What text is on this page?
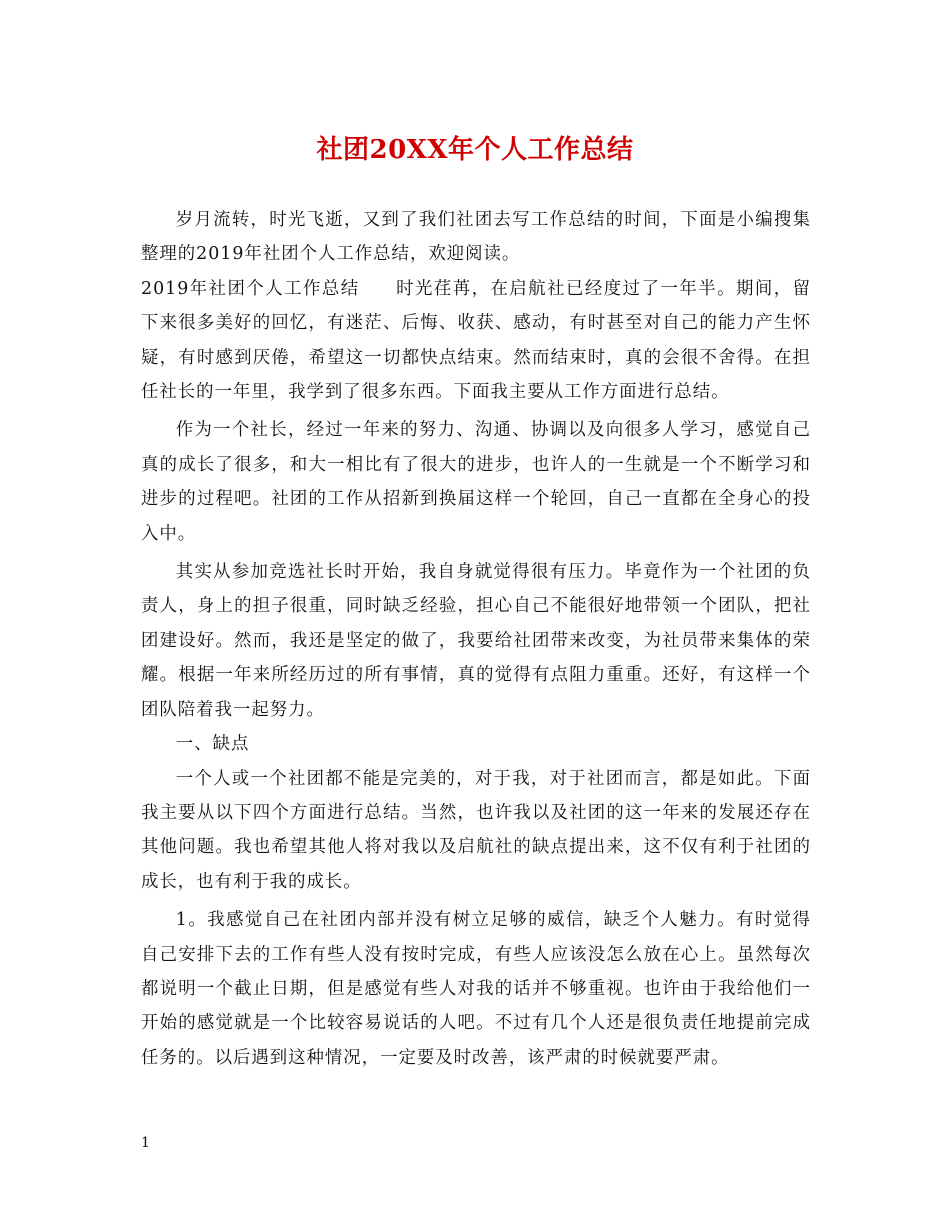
社团20XX年个人工作总结

岁月流转，时光飞逝，又到了我们社团去写工作总结的时间，下面是小编搜集整理的2019年社团个人工作总结，欢迎阅读。

2019年社团个人工作总结 时光荏苒，在启航社已经度过了一年半。期间，留下来很多美好的回忆，有迷茫、后悔、收获、感动，有时甚至对自己的能力产生怀疑，有时感到厌倦，希望这一切都快点结束。然而结束时，真的会很不舍得。在担任社长的一年里，我学到了很多东西。下面我主要从工作方面进行总结。

作为一个社长，经过一年来的努力、沟通、协调以及向很多人学习，感觉自己真的成长了很多，和大一相比有了很大的进步，也许人的一生就是一个不断学习和进步的过程吧。社团的工作从招新到换届这样一个轮回，自己一直都在全身心的投入中。

其实从参加竞选社长时开始，我自身就觉得很有压力。毕竟作为一个社团的负责人，身上的担子很重，同时缺乏经验，担心自己不能很好地带领一个团队，把社团建设好。然而，我还是坚定的做了，我要给社团带来改变，为社员带来集体的荣耀。根据一年来所经历过的所有事情，真的觉得有点阻力重重。还好，有这样一个团队陪着我一起努力。

一、缺点

一个人或一个社团都不能是完美的，对于我，对于社团而言，都是如此。下面我主要从以下四个方面进行总结。当然，也许我以及社团的这一年来的发展还存在其他问题。我也希望其他人将对我以及启航社的缺点提出来，这不仅有利于社团的成长，也有利于我的成长。

1。我感觉自己在社团内部并没有树立足够的威信，缺乏个人魅力。有时觉得自己安排下去的工作有些人没有按时完成，有些人应该没怎么放在心上。虽然每次都说明一个截止日期，但是感觉有些人对我的话并不够重视。也许由于我给他们一开始的感觉就是一个比较容易说话的人吧。不过有几个人还是很负责任地提前完成任务的。以后遇到这种情况，一定要及时改善，该严肃的时候就要严肃。

1
